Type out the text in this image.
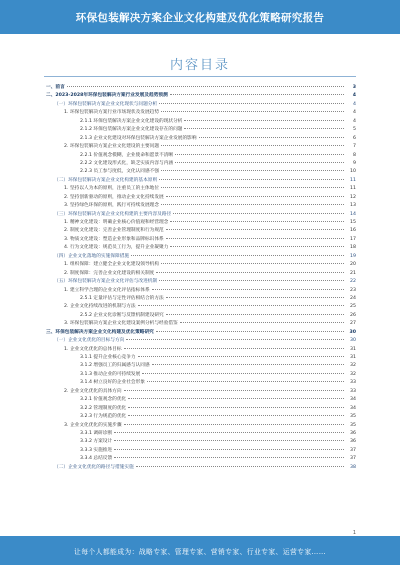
环保包装解决方案企业文化构建及优化策略研究报告
内容目录
一、前言	3
二、2023-2028年环保包装解决方案行业发展及趋势预测	4
（一）环保包装解决方案企业文化现状与问题分析	4
1. 环保包装解决方案行业市场现状及发展趋势	4
2.1.1 环保包装解决方案企业文化建设的现状分析	4
2.1.2 环保包装解决方案企业文化建设存在的问题	5
2.1.3 企业文化建设对环保包装解决方案企业发展的影响	6
2. 环保包装解决方案企业文化建设的主要问题	7
2.2.1 价值观念模糊，企业使命和愿景不清晰	8
2.2.2 文化建设形式化，缺乏实质内容与内涵	9
2.2.3 员工参与度低，文化认同感不强	10
（二）环保包装解决方案企业文化构建的基本原则	11
1. 坚持以人为本的原则，注重员工的主体地位	11
2. 坚持创新驱动的原则，推动企业文化持续发展	12
3. 坚持绿色环保的原则，践行可持续发展理念	13
（三）环保包装解决方案企业文化构建的主要内容及路径	14
1. 精神文化建设：明确企业核心价值观和经营理念	15
2. 制度文化建设：完善企业管理制度和行为规范	16
3. 物质文化建设：塑造企业形象和品牌标识体系	17
4. 行为文化建设：规范员工行为，提升企业凝聚力	18
（四）企业文化落地的实施保障措施	19
1. 组织保障：建立健全企业文化建设领导机构	20
2. 制度保障：完善企业文化建设的相关制度	21
（五）环保包装解决方案企业文化评估与改进机制	22
1. 建立科学合理的企业文化评估指标体系	23
2.5.1 定量评估与定性评估相结合的方法	24
2. 企业文化持续改进的机制与方法	25
2.5.2 企业文化诊断与反馈机制建设研究	26
3. 环保包装解决方案企业文化建设案例分析与经验借鉴	27
三、环保包装解决方案企业文化构建及优化策略研究	30
（一）企业文化优化的目标与方向	30
1. 企业文化优化的总体目标	31
3.1.1 提升企业核心竞争力	31
3.1.2 增强员工的归属感与认同感	32
3.1.3 推动企业的可持续发展	32
3.1.4 树立良好的企业社会形象	33
2. 企业文化优化的具体方向	33
3.2.1 价值观念的优化	34
3.2.2 管理制度的优化	34
3.2.3 行为规范的优化	35
3. 企业文化优化的实施步骤	35
3.3.1 调研诊断	36
3.3.2 方案设计	36
3.3.3 实施推进	37
3.3.4 总结反馈	37
（二）企业文化优化的路径与措施实施	38
1
让每个人都能成为：战略专家、管理专家、营销专家、行业专家、运营专家……
